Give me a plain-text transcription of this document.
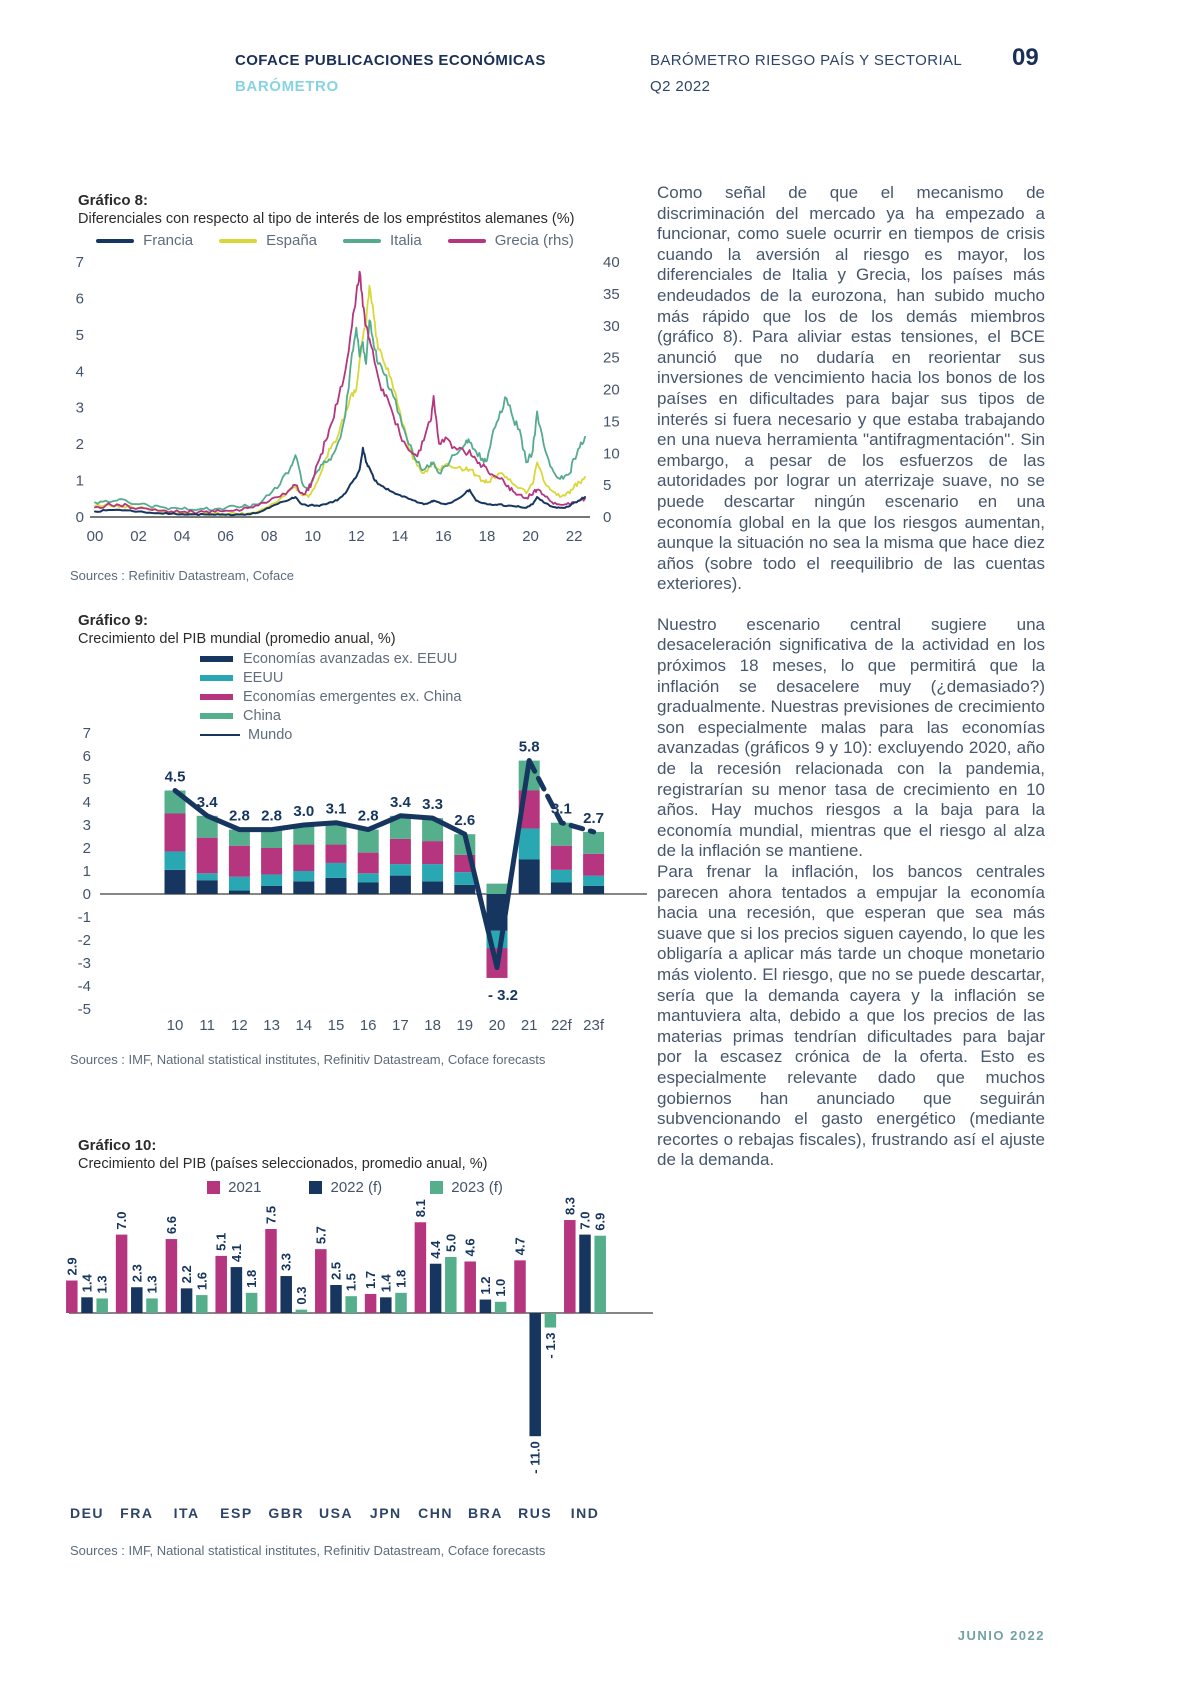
COFACE PUBLICACIONES ECONÓMICAS
BARÓMETRO
BARÓMETRO RIESGO PAÍS Y SECTORIAL
Q2 2022
09
Gráfico 8:
Diferenciales con respecto al tipo de interés de los empréstitos alemanes (%)
Francia	España	Italia	Grecia (rhs)
7
6
5
4
3
2
1
0
40
35
30
25
20
15
10
5
0
00 02 04 06 08 10 12 14 16 18 20 22
Sources : Refinitiv Datastream, Coface
Gráfico 9:
Crecimiento del PIB mundial (promedio anual, %)
7
6
5
4
3
2
1
0
-1
-2
-3
-4
-5
4.5
10
3.4
11
2.8
12
2.8
13
3.0
14
3.1
15
2.8
16
3.4
17
3.3
18
2.6
19
- 3.2
20
5.8
21
3.1
22f
2.7
23f
Economías avanzadas ex. EEUU
EEUU
Economías emergentes ex. China
China
Mundo
Sources : IMF, National statistical institutes, Refinitiv Datastream, Coface forecasts
Gráfico 10:
Crecimiento del PIB (países seleccionados, promedio anual, %)
2021	2022 (f)	2023 (f)
2.9
1.4 1.3
DEU
7.0
2.3
1.3
FRA
6.6
2.2 1.6
ITA
5.1
4.1
1.8
ESP
7.5
3.3
0.3
GBR
5.7
2.5
1.5
USA
1.7 1.4 1.8
JPN
8.1
4.4 5.0
CHN
4.6
1.2 1.0
BRA
4.7
- 11.0
- 1.3
RUS
8.3
7.0 6.9
IND
Sources : IMF, National statistical institutes, Refinitiv Datastream, Coface forecasts

Como señal de que el mecanismo de discriminación del mercado ya ha empezado a funcionar, como suele ocurrir en tiempos de crisis cuando la aversión al riesgo es mayor, los diferenciales de Italia y Grecia, los países más endeudados de la eurozona, han subido mucho más rápido que los de los demás miembros (gráfico 8). Para aliviar estas tensiones, el BCE anunció que no dudaría en reorientar sus inversiones de vencimiento hacia los bonos de los países en dificultades para bajar sus tipos de interés si fuera necesario y que estaba trabajando en una nueva herramienta "antifragmentación". Sin embargo, a pesar de los esfuerzos de las autoridades por lograr un aterrizaje suave, no se puede descartar ningún escenario en una economía global en la que los riesgos aumentan, aunque la situación no sea la misma que hace diez años (sobre todo el reequilibrio de las cuentas exteriores).

Nuestro escenario central sugiere una desaceleración significativa de la actividad en los próximos 18 meses, lo que permitirá que la inflación se desacelere muy (¿demasiado?) gradualmente. Nuestras previsiones de crecimiento son especialmente malas para las economías avanzadas (gráficos 9 y 10): excluyendo 2020, año de la recesión relacionada con la pandemia, registrarían su menor tasa de crecimiento en 10 años. Hay muchos riesgos a la baja para la economía mundial, mientras que el riesgo al alza de la inflación se mantiene.

Para frenar la inflación, los bancos centrales parecen ahora tentados a empujar la economía hacia una recesión, que esperan que sea más suave que si los precios siguen cayendo, lo que les obligaría a aplicar más tarde un choque monetario más violento. El riesgo, que no se puede descartar, sería que la demanda cayera y la inflación se mantuviera alta, debido a que los precios de las materias primas tendrían dificultades para bajar por la escasez crónica de la oferta. Esto es especialmente relevante dado que muchos gobiernos han anunciado que seguirán subvencionando el gasto energético (mediante recortes o rebajas fiscales), frustrando así el ajuste de la demanda.

JUNIO 2022
